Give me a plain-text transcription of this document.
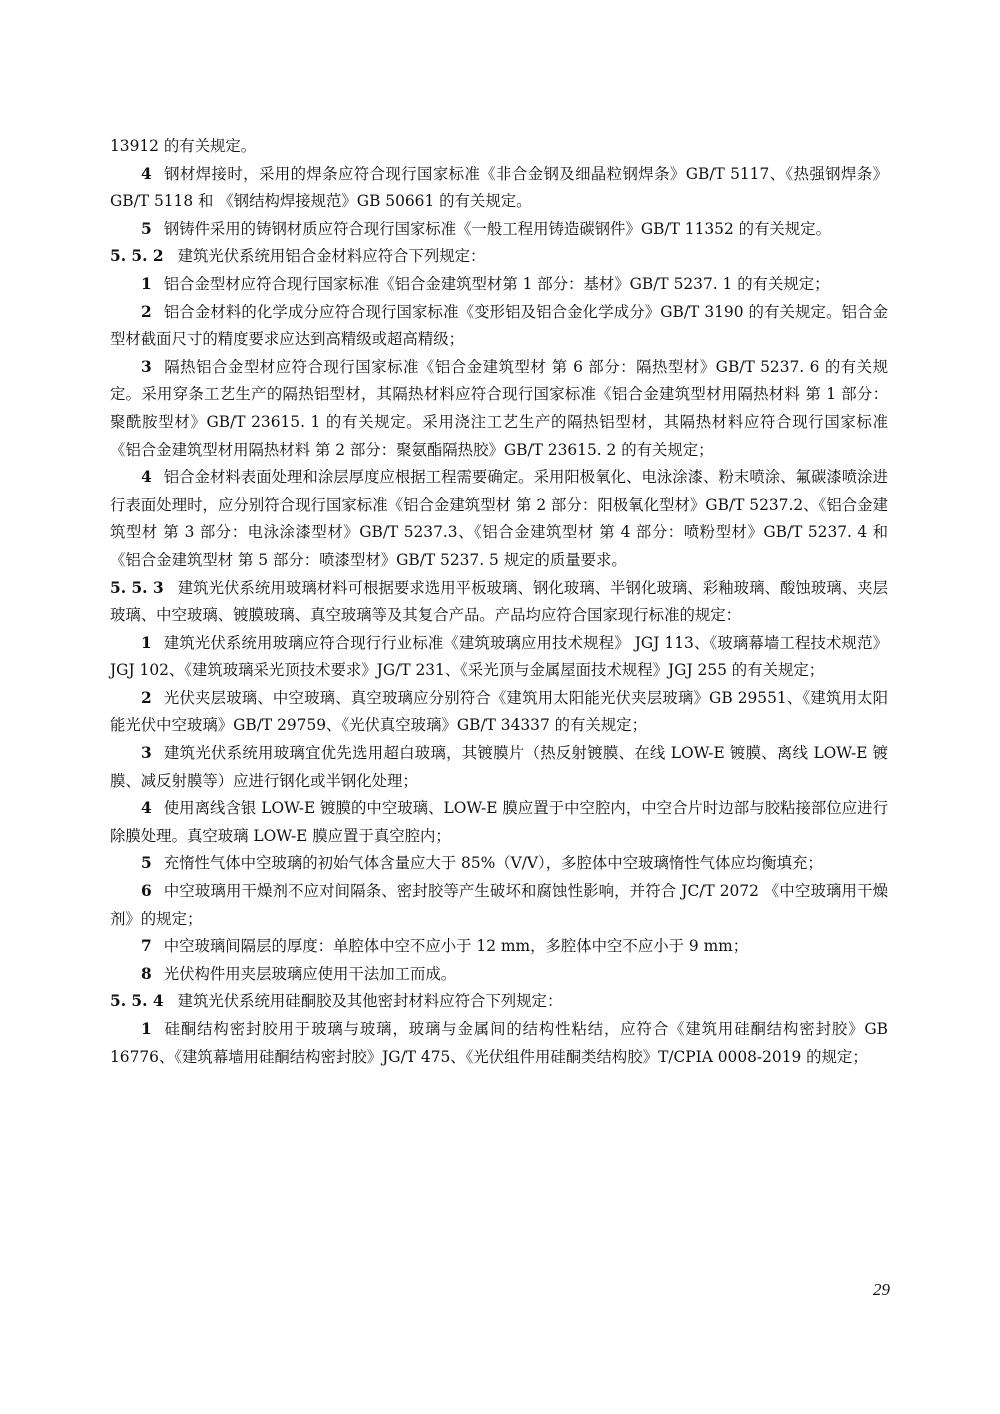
13912 的有关规定。

4 钢材焊接时，采用的焊条应符合现行国家标准《非合金钢及细晶粒钢焊条》GB/T 5117、《热强钢焊条》GB/T 5118 和 《钢结构焊接规范》GB 50661 的有关规定。

5 钢铸件采用的铸钢材质应符合现行国家标准《一般工程用铸造碳钢件》GB/T 11352 的有关规定。

5. 5. 2 建筑光伏系统用铝合金材料应符合下列规定：

1 铝合金型材应符合现行国家标准《铝合金建筑型材第 1 部分：基材》GB/T 5237. 1 的有关规定；

2 铝合金材料的化学成分应符合现行国家标准《变形铝及铝合金化学成分》GB/T 3190 的有关规定。铝合金型材截面尺寸的精度要求应达到高精级或超高精级；

3 隔热铝合金型材应符合现行国家标准《铝合金建筑型材 第 6 部分：隔热型材》GB/T 5237. 6 的有关规定。采用穿条工艺生产的隔热铝型材，其隔热材料应符合现行国家标准《铝合金建筑型材用隔热材料 第 1 部分：聚酰胺型材》GB/T 23615. 1 的有关规定。采用浇注工艺生产的隔热铝型材，其隔热材料应符合现行国家标准《铝合金建筑型材用隔热材料 第 2 部分：聚氨酯隔热胶》GB/T 23615. 2 的有关规定；

4 铝合金材料表面处理和涂层厚度应根据工程需要确定。采用阳极氧化、电泳涂漆、粉末喷涂、氟碳漆喷涂进行表面处理时，应分别符合现行国家标准《铝合金建筑型材 第 2 部分：阳极氧化型材》GB/T 5237.2、《铝合金建筑型材 第 3 部分：电泳涂漆型材》GB/T 5237.3、《铝合金建筑型材 第 4 部分：喷粉型材》GB/T 5237. 4 和《铝合金建筑型材 第 5 部分：喷漆型材》GB/T 5237. 5 规定的质量要求。

5. 5. 3 建筑光伏系统用玻璃材料可根据要求选用平板玻璃、钢化玻璃、半钢化玻璃、彩釉玻璃、酸蚀玻璃、夹层玻璃、中空玻璃、镀膜玻璃、真空玻璃等及其复合产品。产品均应符合国家现行标准的规定：

1 建筑光伏系统用玻璃应符合现行行业标准《建筑玻璃应用技术规程》 JGJ 113、《玻璃幕墙工程技术规范》 JGJ 102、《建筑玻璃采光顶技术要求》JG/T 231、《采光顶与金属屋面技术规程》JGJ 255 的有关规定；

2 光伏夹层玻璃、中空玻璃、真空玻璃应分别符合《建筑用太阳能光伏夹层玻璃》GB 29551、《建筑用太阳能光伏中空玻璃》GB/T 29759、《光伏真空玻璃》GB/T 34337 的有关规定；

3 建筑光伏系统用玻璃宜优先选用超白玻璃，其镀膜片（热反射镀膜、在线 LOW-E 镀膜、离线 LOW-E 镀膜、减反射膜等）应进行钢化或半钢化处理；

4 使用离线含银 LOW-E 镀膜的中空玻璃、LOW-E 膜应置于中空腔内，中空合片时边部与胶粘接部位应进行除膜处理。真空玻璃 LOW-E 膜应置于真空腔内；

5 充惰性气体中空玻璃的初始气体含量应大于 85%（V/V），多腔体中空玻璃惰性气体应均衡填充；

6 中空玻璃用干燥剂不应对间隔条、密封胶等产生破坏和腐蚀性影响，并符合 JC/T 2072 《中空玻璃用干燥剂》的规定；

7 中空玻璃间隔层的厚度：单腔体中空不应小于 12 mm，多腔体中空不应小于 9 mm；

8 光伏构件用夹层玻璃应使用干法加工而成。

5. 5. 4 建筑光伏系统用硅酮胶及其他密封材料应符合下列规定：

1 硅酮结构密封胶用于玻璃与玻璃，玻璃与金属间的结构性粘结，应符合《建筑用硅酮结构密封胶》GB 16776、《建筑幕墙用硅酮结构密封胶》JG/T 475、《光伏组件用硅酮类结构胶》T/CPIA 0008-2019 的规定；

29
